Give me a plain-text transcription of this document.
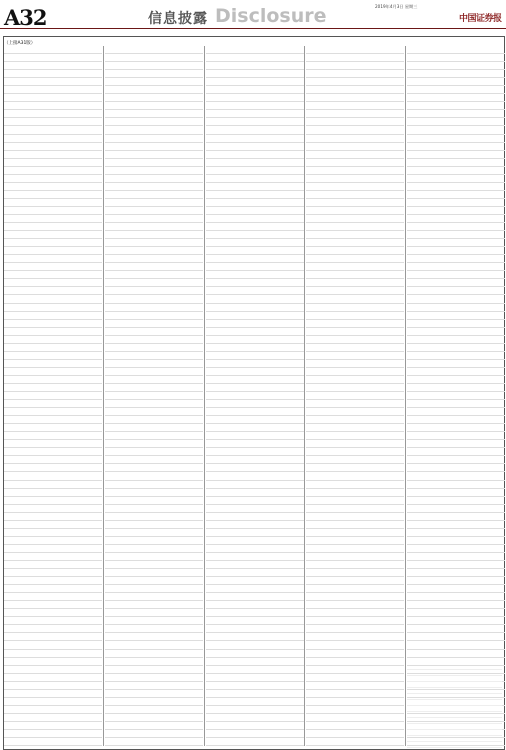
A32	信息披露 Disclosure	2019年4月3日 星期三
中国证券报
（上接A31版）
